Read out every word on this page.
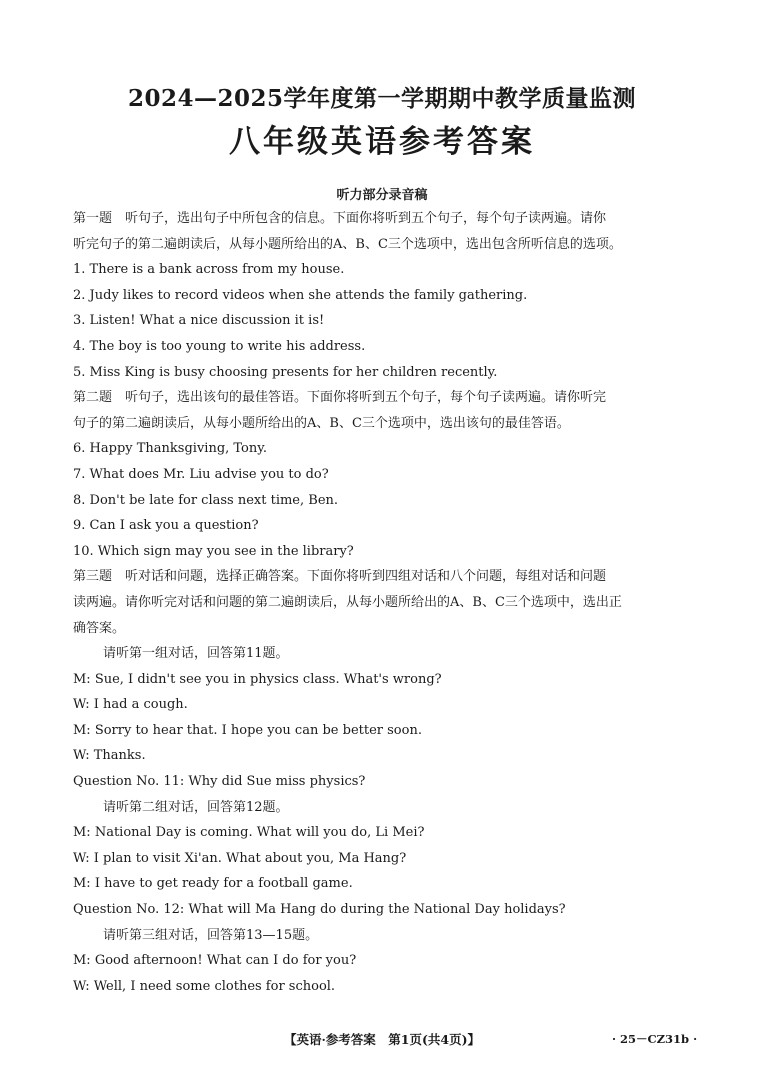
2024—2025学年度第一学期期中教学质量监测
八年级英语参考答案
听力部分录音稿
第一题　听句子，选出句子中所包含的信息。下面你将听到五个句子，每个句子读两遍。请你
听完句子的第二遍朗读后，从每小题所给出的A、B、C三个选项中，选出包含所听信息的选项。
1. There is a bank across from my house.
2. Judy likes to record videos when she attends the family gathering.
3. Listen! What a nice discussion it is!
4. The boy is too young to write his address.
5. Miss King is busy choosing presents for her children recently.
第二题　听句子，选出该句的最佳答语。下面你将听到五个句子，每个句子读两遍。请你听完
句子的第二遍朗读后，从每小题所给出的A、B、C三个选项中，选出该句的最佳答语。
6. Happy Thanksgiving, Tony.
7. What does Mr. Liu advise you to do?
8. Don't be late for class next time, Ben.
9. Can I ask you a question?
10. Which sign may you see in the library?
第三题　听对话和问题，选择正确答案。下面你将听到四组对话和八个问题，每组对话和问题
读两遍。请你听完对话和问题的第二遍朗读后，从每小题所给出的A、B、C三个选项中，选出正
确答案。
请听第一组对话，回答第11题。
M: Sue, I didn't see you in physics class. What's wrong?
W: I had a cough.
M: Sorry to hear that. I hope you can be better soon.
W: Thanks.
Question No. 11: Why did Sue miss physics?
请听第二组对话，回答第12题。
M: National Day is coming. What will you do, Li Mei?
W: I plan to visit Xi'an. What about you, Ma Hang?
M: I have to get ready for a football game.
Question No. 12: What will Ma Hang do during the National Day holidays?
请听第三组对话，回答第13—15题。
M: Good afternoon! What can I do for you?
W: Well, I need some clothes for school.
【英语·参考答案　第1页(共4页)】	· 25－CZ31b ·
